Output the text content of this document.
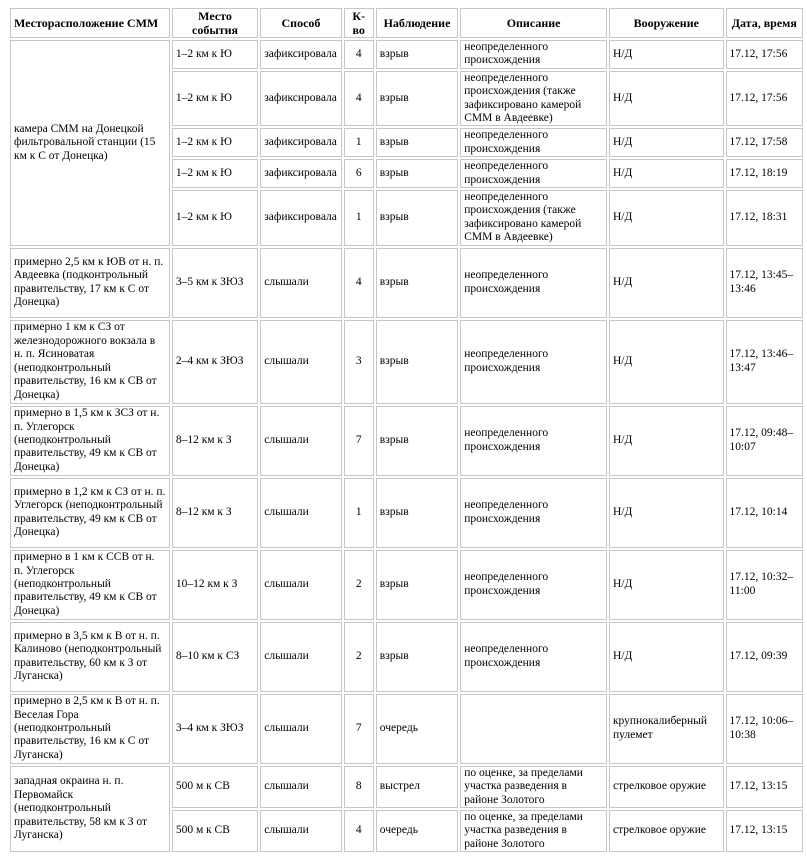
Месторасположение СММ	Место события	Способ	К-во	Наблюдение	Описание	Вооружение	Дата, время
камера СММ на Донецкой фильтровальной станции (15 км к С от Донецка)	1–2 км к Ю	зафиксировала	4	взрыв	неопределенного происхождения	Н/Д	17.12, 17:56
	1–2 км к Ю	зафиксировала	4	взрыв	неопределенного происхождения (также зафиксировано камерой СММ в Авдеевке)	Н/Д	17.12, 17:56
	1–2 км к Ю	зафиксировала	1	взрыв	неопределенного происхождения	Н/Д	17.12, 17:58
	1–2 км к Ю	зафиксировала	6	взрыв	неопределенного происхождения	Н/Д	17.12, 18:19
	1–2 км к Ю	зафиксировала	1	взрыв	неопределенного происхождения (также зафиксировано камерой СММ в Авдеевке)	Н/Д	17.12, 18:31
примерно 2,5 км к ЮВ от н. п. Авдеевка (подконтрольный правительству, 17 км к С от Донецка)	3–5 км к ЗЮЗ	слышали	4	взрыв	неопределенного происхождения	Н/Д	17.12, 13:45–13:46
примерно 1 км к СЗ от железнодорожного вокзала в н. п. Ясиноватая (неподконтрольный правительству, 16 км к СВ от Донецка)	2–4 км к ЗЮЗ	слышали	3	взрыв	неопределенного происхождения	Н/Д	17.12, 13:46–13:47
примерно в 1,5 км к ЗСЗ от н. п. Углегорск (неподконтрольный правительству, 49 км к СВ от Донецка)	8–12 км к З	слышали	7	взрыв	неопределенного происхождения	Н/Д	17.12, 09:48–10:07
примерно в 1,2 км к СЗ от н. п. Углегорск (неподконтрольный правительству, 49 км к СВ от Донецка)	8–12 км к З	слышали	1	взрыв	неопределенного происхождения	Н/Д	17.12, 10:14
примерно в 1 км к ССВ от н. п. Углегорск (неподконтрольный правительству, 49 км к СВ от Донецка)	10–12 км к З	слышали	2	взрыв	неопределенного происхождения	Н/Д	17.12, 10:32–11:00
примерно в 3,5 км к В от н. п. Калиново (неподконтрольный правительству, 60 км к З от Луганска)	8–10 км к СЗ	слышали	2	взрыв	неопределенного происхождения	Н/Д	17.12, 09:39
примерно в 2,5 км к В от н. п. Веселая Гора (неподконтрольный правительству, 16 км к С от Луганска)	3–4 км к ЗЮЗ	слышали	7	очередь		крупнокалиберный пулемет	17.12, 10:06–10:38
западная окраина н. п. Первомайск (неподконтрольный правительству, 58 км к З от Луганска)	500 м к СВ	слышали	8	выстрел	по оценке, за пределами участка разведения в районе Золотого	стрелковое оружие	17.12, 13:15
	500 м к СВ	слышали	4	очередь	по оценке, за пределами участка разведения в районе Золотого	стрелковое оружие	17.12, 13:15
